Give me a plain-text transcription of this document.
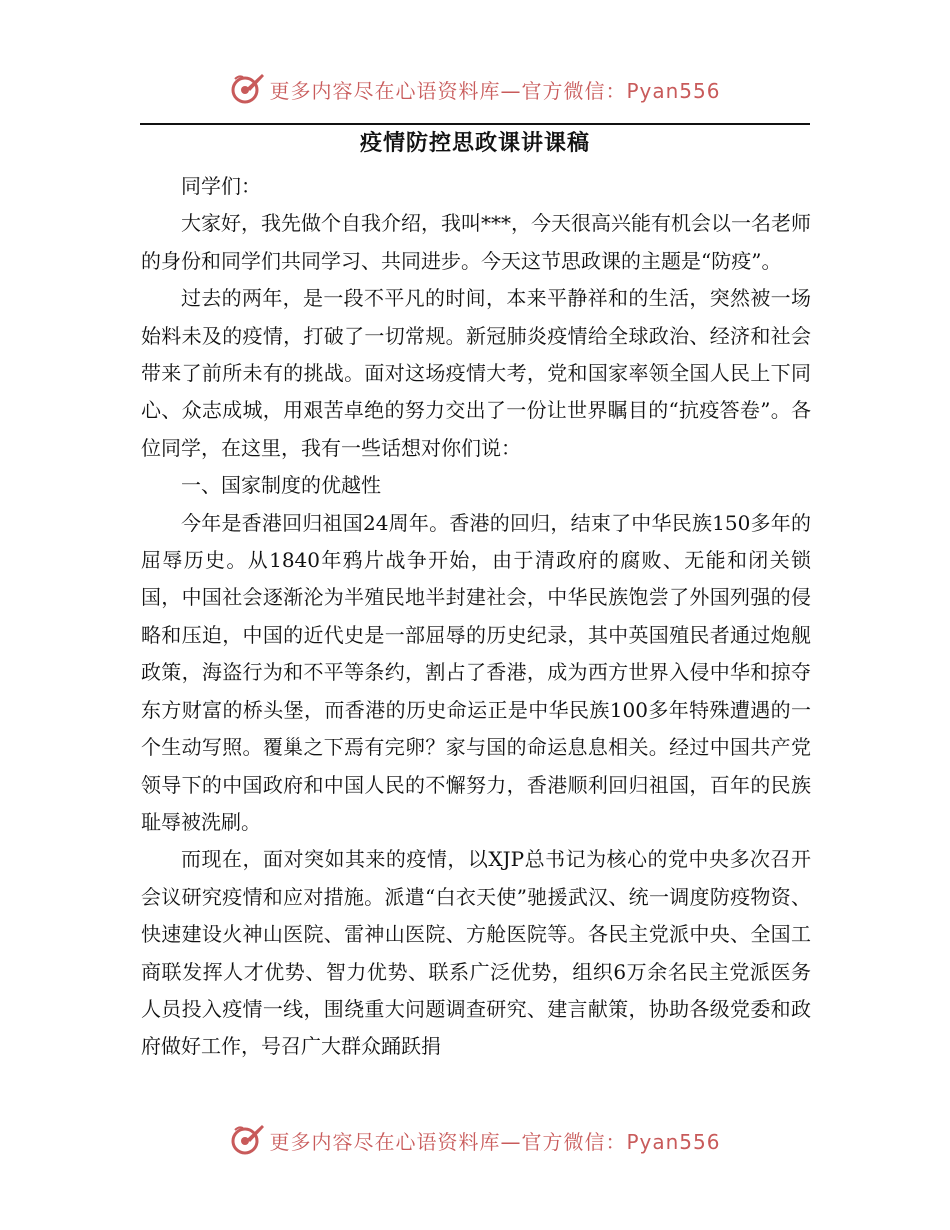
更多内容尽在心语资料库—官方微信：Pyan556
疫情防控思政课讲课稿

同学们：

大家好，我先做个自我介绍，我叫***，今天很高兴能有机会以一名老师的身份和同学们共同学习、共同进步。今天这节思政课的主题是“防疫”。

过去的两年，是一段不平凡的时间，本来平静祥和的生活，突然被一场始料未及的疫情，打破了一切常规。新冠肺炎疫情给全球政治、经济和社会带来了前所未有的挑战。面对这场疫情大考，党和国家率领全国人民上下同心、众志成城，用艰苦卓绝的努力交出了一份让世界瞩目的“抗疫答卷”。各位同学，在这里，我有一些话想对你们说：

一、国家制度的优越性

今年是香港回归祖国24周年。香港的回归，结束了中华民族150多年的屈辱历史。从1840年鸦片战争开始，由于清政府的腐败、无能和闭关锁国，中国社会逐渐沦为半殖民地半封建社会，中华民族饱尝了外国列强的侵略和压迫，中国的近代史是一部屈辱的历史纪录，其中英国殖民者通过炮舰政策，海盗行为和不平等条约，割占了香港，成为西方世界入侵中华和掠夺东方财富的桥头堡，而香港的历史命运正是中华民族100多年特殊遭遇的一个生动写照。覆巢之下焉有完卵？家与国的命运息息相关。经过中国共产党领导下的中国政府和中国人民的不懈努力，香港顺利回归祖国，百年的民族耻辱被洗刷。

而现在，面对突如其来的疫情，以XJP总书记为核心的党中央多次召开会议研究疫情和应对措施。派遣“白衣天使”驰援武汉、统一调度防疫物资、快速建设火神山医院、雷神山医院、方舱医院等。各民主党派中央、全国工商联发挥人才优势、智力优势、联系广泛优势，组织6万余名民主党派医务人员投入疫情一线，围绕重大问题调查研究、建言献策，协助各级党委和政府做好工作，号召广大群众踊跃捐

更多内容尽在心语资料库—官方微信：Pyan556
